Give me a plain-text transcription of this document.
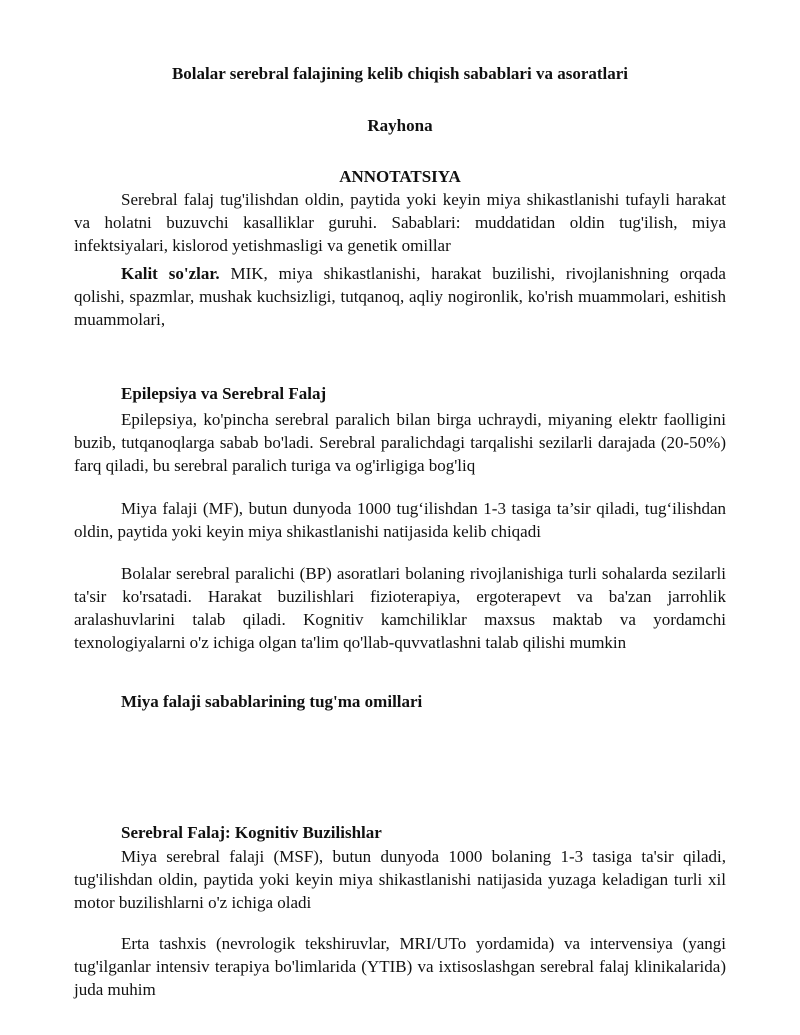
Bolalar serebral falajining kelib chiqish sabablari va asoratlari
Rayhona
ANNOTATSIYA

Serebral falaj tug'ilishdan oldin, paytida yoki keyin miya shikastlanishi tufayli harakat va holatni buzuvchi kasalliklar guruhi. Sabablari: muddatidan oldin tug'ilish, miya infektsiyalari, kislorod yetishmasligi va genetik omillar

Kalit so'zlar. MIK, miya shikastlanishi, harakat buzilishi, rivojlanishning orqada qolishi, spazmlar, mushak kuchsizligi, tutqanoq, aqliy nogironlik, ko'rish muammolari, eshitish muammolari,

Epilepsiya va Serebral Falaj

Epilepsiya, ko'pincha serebral paralich bilan birga uchraydi, miyaning elektr faolligini buzib, tutqanoqlarga sabab bo'ladi. Serebral paralichdagi tarqalishi sezilarli darajada (20-50%) farq qiladi, bu serebral paralich turiga va og'irligiga bog'liq

Miya falaji (MF), butun dunyoda 1000 tug‘ilishdan 1-3 tasiga ta’sir qiladi, tug‘ilishdan oldin, paytida yoki keyin miya shikastlanishi natijasida kelib chiqadi

Bolalar serebral paralichi (BP) asoratlari bolaning rivojlanishiga turli sohalarda sezilarli ta'sir ko'rsatadi. Harakat buzilishlari fizioterapiya, ergoterapevt va ba'zan jarrohlik aralashuvlarini talab qiladi. Kognitiv kamchiliklar maxsus maktab va yordamchi texnologiyalarni o'z ichiga olgan ta'lim qo'llab-quvvatlashni talab qilishi mumkin

Miya falaji sabablarining tug'ma omillari
Serebral Falaj: Kognitiv Buzilishlar

Miya serebral falaji (MSF), butun dunyoda 1000 bolaning 1-3 tasiga ta'sir qiladi, tug'ilishdan oldin, paytida yoki keyin miya shikastlanishi natijasida yuzaga keladigan turli xil motor buzilishlarni o'z ichiga oladi

Erta tashxis (nevrologik tekshiruvlar, MRI/UTo yordamida) va intervensiya (yangi tug'ilganlar intensiv terapiya bo'limlarida (YTIB) va ixtisoslashgan serebral falaj klinikalarida) juda muhim
